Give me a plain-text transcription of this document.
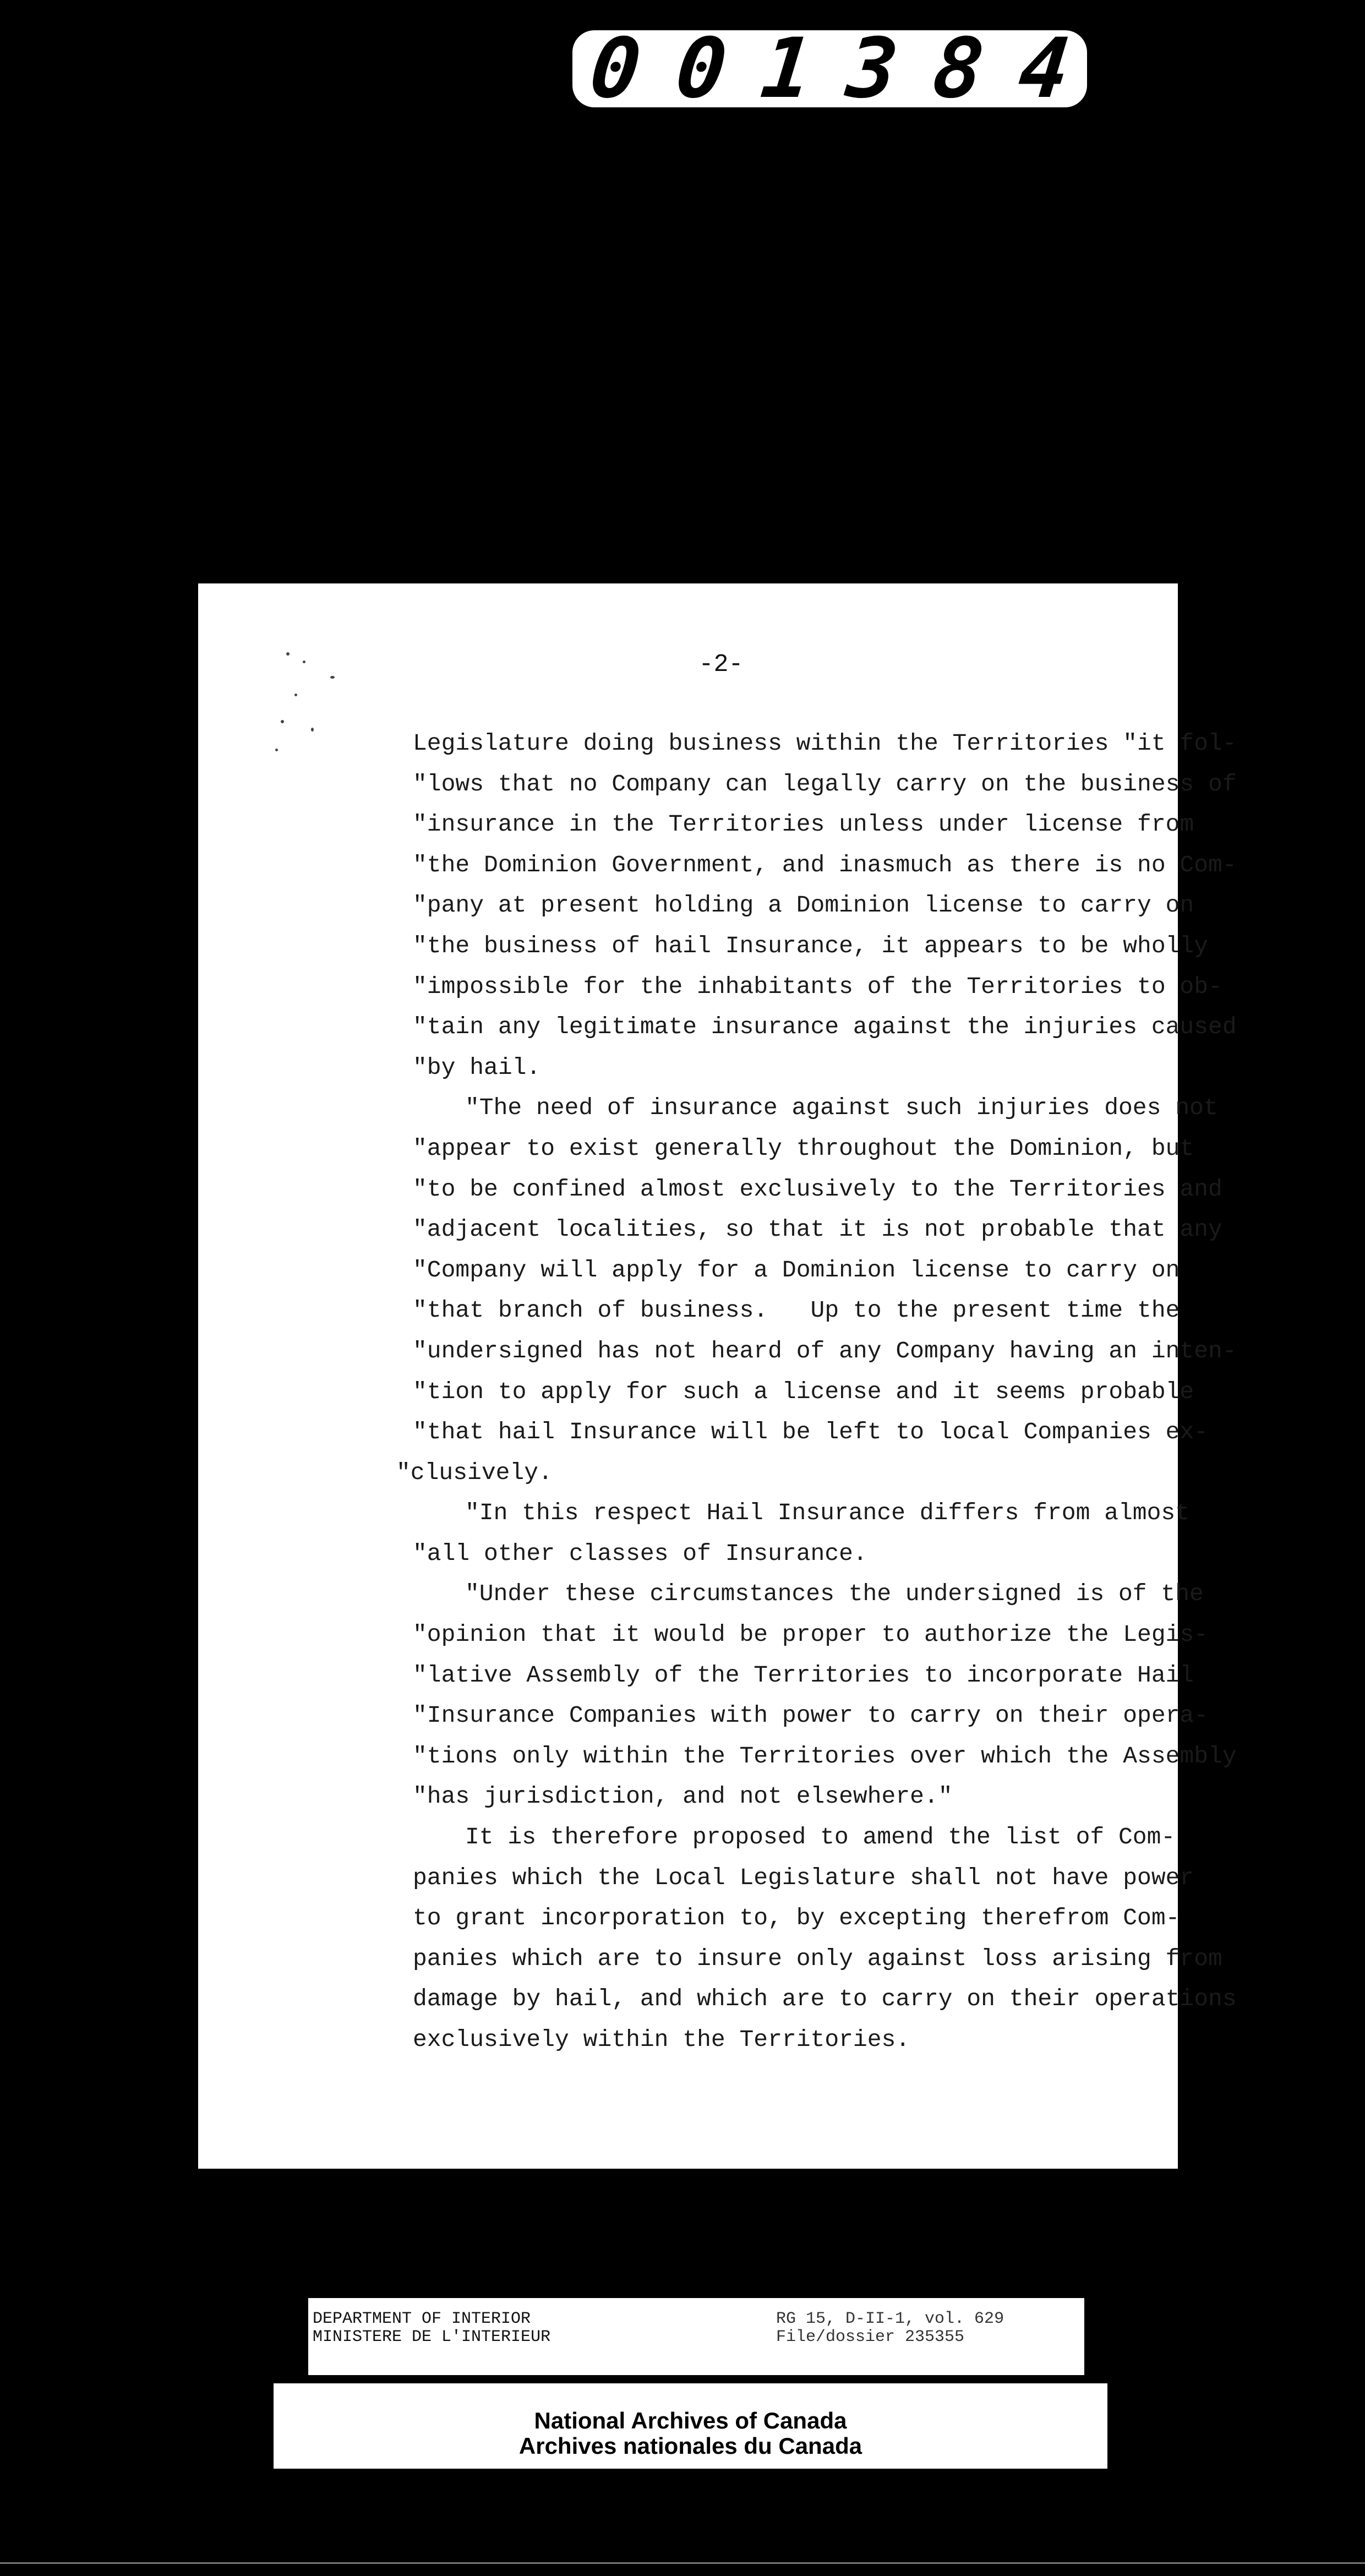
0 0 1 3 8 4
-2-
Legislature doing business within the Territories "it fol-
"lows that no Company can legally carry on the business of
"insurance in the Territories unless under license from
"the Dominion Government, and inasmuch as there is no Com-
"pany at present holding a Dominion license to carry on
"the business of hail Insurance, it appears to be wholly
"impossible for the inhabitants of the Territories to ob-
"tain any legitimate insurance against the injuries caused
"by hail.
"The need of insurance against such injuries does not
"appear to exist generally throughout the Dominion, but
"to be confined almost exclusively to the Territories and
"adjacent localities, so that it is not probable that any
"Company will apply for a Dominion license to carry on
"that branch of business.   Up to the present time the
"undersigned has not heard of any Company having an inten-
"tion to apply for such a license and it seems probable
"that hail Insurance will be left to local Companies ex-
"clusively.
"In this respect Hail Insurance differs from almost
"all other classes of Insurance.
"Under these circumstances the undersigned is of the
"opinion that it would be proper to authorize the Legis-
"lative Assembly of the Territories to incorporate Hail
"Insurance Companies with power to carry on their opera-
"tions only within the Territories over which the Assembly
"has jurisdiction, and not elsewhere."
It is therefore proposed to amend the list of Com-
panies which the Local Legislature shall not have power
to grant incorporation to, by excepting therefrom Com-
panies which are to insure only against loss arising from
damage by hail, and which are to carry on their operations
exclusively within the Territories.
DEPARTMENT OF INTERIOR
MINISTERE DE L'INTERIEUR
RG 15, D-II-1, vol. 629
File/dossier 235355
National Archives of Canada
Archives nationales du Canada
